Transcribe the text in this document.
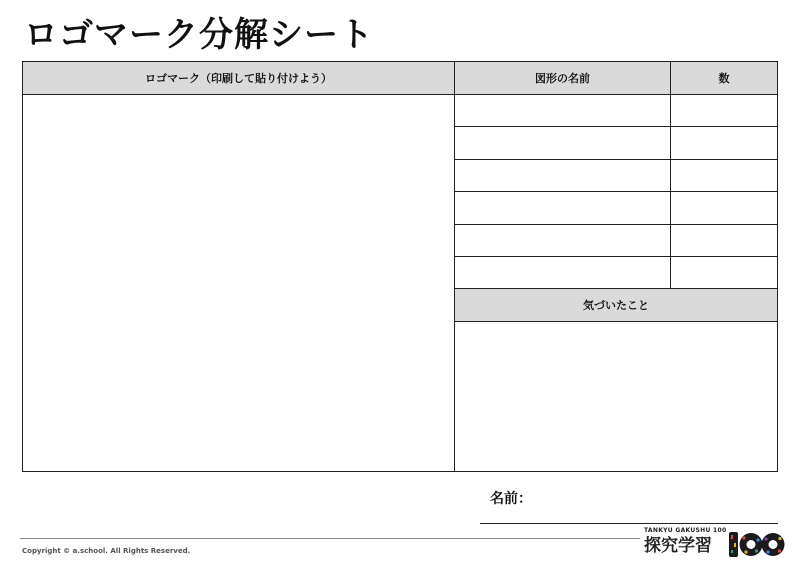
ロゴマーク分解シート
ロゴマーク（印刷して貼り付けよう）	図形の名前	数
気づいたこと
名前：
Copyright © a.school. All Rights Reserved.
TANKYU GAKUSHU 100
探究学習
